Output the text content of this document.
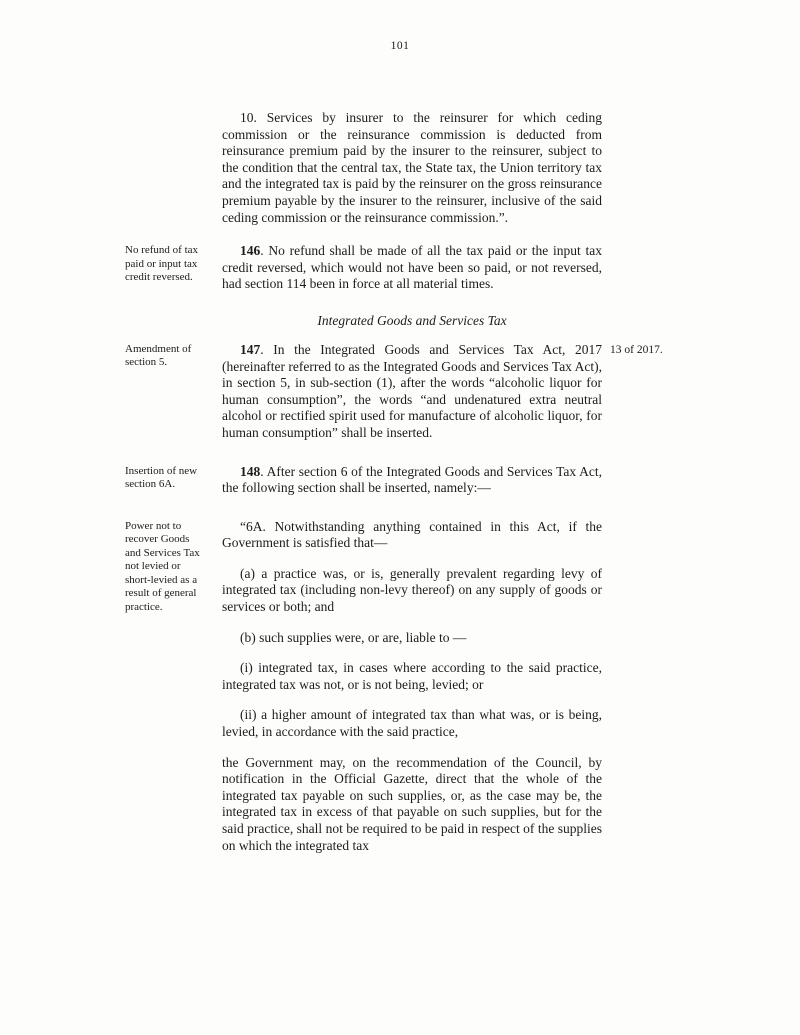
101

10. Services by insurer to the reinsurer for which ceding commission or the reinsurance commission is deducted from reinsurance premium paid by the insurer to the reinsurer, subject to the condition that the central tax, the State tax, the Union territory tax and the integrated tax is paid by the reinsurer on the gross reinsurance premium payable by the insurer to the reinsurer, inclusive of the said ceding commission or the reinsurance commission.”.

No refund of tax paid or input tax credit reversed.

146. No refund shall be made of all the tax paid or the input tax credit reversed, which would not have been so paid, or not reversed, had section 114 been in force at all material times.

Integrated Goods and Services Tax
Amendment of section 5.

147. In the Integrated Goods and Services Tax Act, 2017 (hereinafter referred to as the Integrated Goods and Services Tax Act), in section 5, in sub-section (1), after the words “alcoholic liquor for human consumption”, the words “and undenatured extra neutral alcohol or rectified spirit used for manufacture of alcoholic liquor, for human consumption” shall be inserted.

13 of 2017.
Insertion of new section 6A.

148. After section 6 of the Integrated Goods and Services Tax Act, the following section shall be inserted, namely:—

Power not to recover Goods and Services Tax not levied or short-levied as a result of general practice.

“6A. Notwithstanding anything contained in this Act, if the Government is satisfied that—

(a) a practice was, or is, generally prevalent regarding levy of integrated tax (including non-levy thereof) on any supply of goods or services or both; and

(b) such supplies were, or are, liable to —

(i) integrated tax, in cases where according to the said practice, integrated tax was not, or is not being, levied; or

(ii) a higher amount of integrated tax than what was, or is being, levied, in accordance with the said practice,

the Government may, on the recommendation of the Council, by notification in the Official Gazette, direct that the whole of the integrated tax payable on such supplies, or, as the case may be, the integrated tax in excess of that payable on such supplies, but for the said practice, shall not be required to be paid in respect of the supplies on which the integrated tax
